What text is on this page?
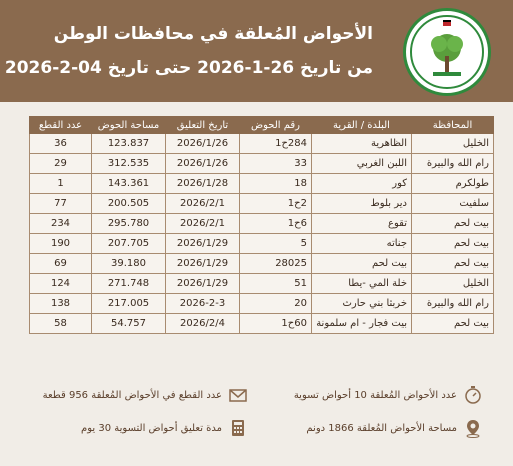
الأحواض المُعلقة في محافظات الوطن
من تاريخ 26-1-2026 حتى تاريخ 04-2-2026
المحافظة	البلدة / القرية	رقم الحوض	تاريخ التعليق	مساحة الحوض	عدد القطع
الخليل	الظاهرية	284ح1	2026/1/26	123.837	36
رام الله والبيرة	اللبن الغربي	33	2026/1/26	312.535	29
طولكرم	كور	18	2026/1/28	143.361	1
سلفيت	دير بلوط	2ح1	2026/2/1	200.505	77
بيت لحم	تقوع	6ح1	2026/2/1	295.780	234
بيت لحم	جناته	5	2026/1/29	207.705	190
بيت لحم	بيت لحم	28025	2026/1/29	39.180	69
الخليل	خلة المي -يطا	51	2026/1/29	271.748	124
رام الله والبيرة	خربثا بني حارث	20	2026-2-3	217.005	138
بيت لحم	بيت فجار - ام سلمونة	60ح1	2026/2/4	54.757	58
عدد الأحواض المُعلقة 10 أحواض تسوية
عدد القطع في الأحواض المُعلقة 956 قطعة
مساحة الأحواض المُعلقة 1866 دونم
مدة تعليق أحواض التسوية 30 يوم
